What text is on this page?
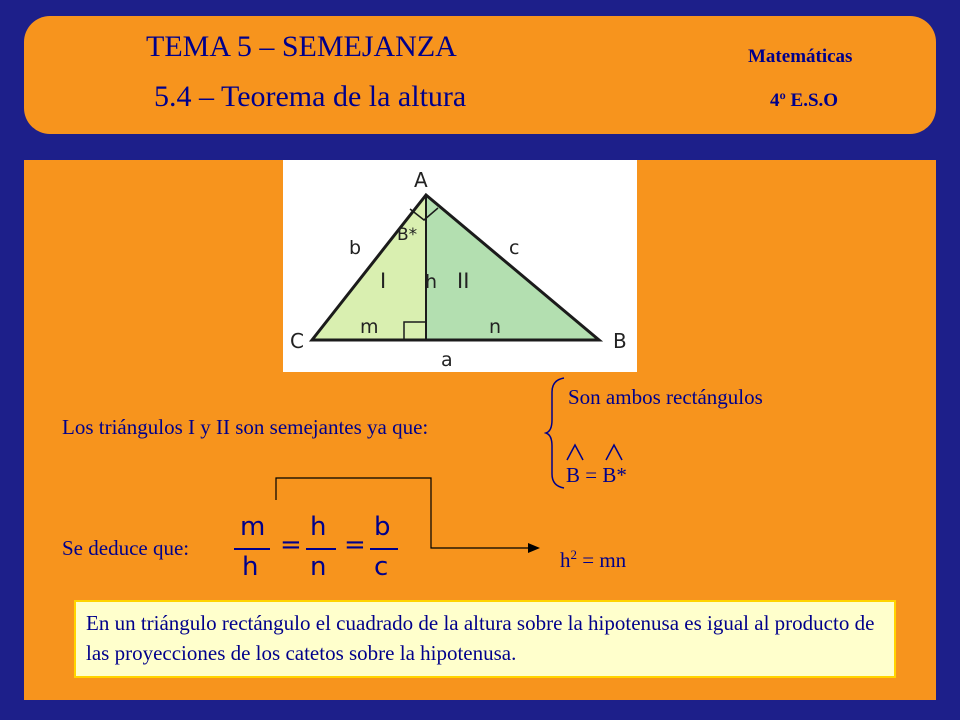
TEMA 5 – SEMEJANZA
5.4 – Teorema de la altura
Matemáticas
4º E.S.O
A
C	B
b	c
a
h
m	n
B*
I	II
Los triángulos I y II son semejantes ya que:
Son ambos rectángulos
B = B*
Se deduce que:
m
h
=
h
n
=
b
c	$h^2$ = mn
En un triángulo rectángulo el cuadrado de la altura sobre la hipotenusa es igual al producto de las proyecciones de los catetos sobre la hipotenusa.
